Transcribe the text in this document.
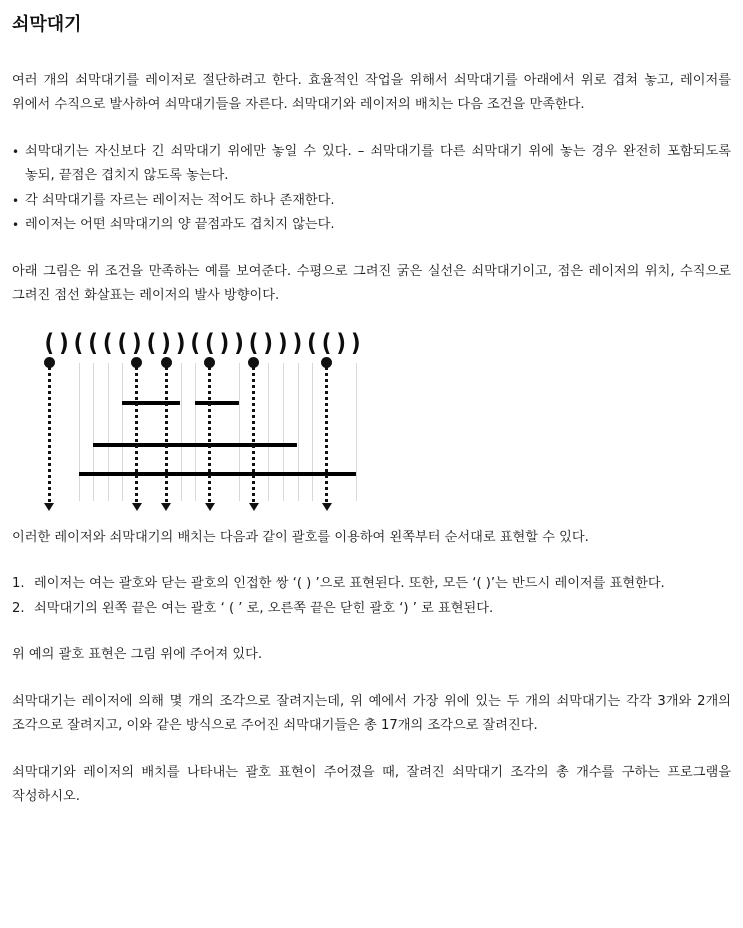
쇠막대기

여러 개의 쇠막대기를 레이저로 절단하려고 한다. 효율적인 작업을 위해서 쇠막대기를 아래에서 위로 겹쳐 놓고, 레이저를 위에서 수직으로 발사하여 쇠막대기들을 자른다. 쇠막대기와 레이저의 배치는 다음 조건을 만족한다.

• 쇠막대기는 자신보다 긴 쇠막대기 위에만 놓일 수 있다. – 쇠막대기를 다른 쇠막대기 위에 놓는 경우 완전히 포함되도록 놓되, 끝점은 겹치지 않도록 놓는다.
• 각 쇠막대기를 자르는 레이저는 적어도 하나 존재한다.
• 레이저는 어떤 쇠막대기의 양 끝점과도 겹치지 않는다.

아래 그림은 위 조건을 만족하는 예를 보여준다. 수평으로 그려진 굵은 실선은 쇠막대기이고, 점은 레이저의 위치, 수직으로 그려진 점선 화살표는 레이저의 발사 방향이다.

( ) ( ( ( ( ) ( ) ) ( ( ) ) ( ) ) ) ( ( ) )

이러한 레이저와 쇠막대기의 배치는 다음과 같이 괄호를 이용하여 왼쪽부터 순서대로 표현할 수 있다.

레이저는 여는 괄호와 닫는 괄호의 인접한 쌍 ‘( ) ’으로 표현된다. 또한, 모든 ‘( )’는 반드시 레이저를 표현한다.
쇠막대기의 왼쪽 끝은 여는 괄호 ‘ ( ’ 로, 오른쪽 끝은 닫힌 괄호 ‘) ’ 로 표현된다.

위 예의 괄호 표현은 그림 위에 주어져 있다.

쇠막대기는 레이저에 의해 몇 개의 조각으로 잘려지는데, 위 예에서 가장 위에 있는 두 개의 쇠막대기는 각각 3개와 2개의 조각으로 잘려지고, 이와 같은 방식으로 주어진 쇠막대기들은 총 17개의 조각으로 잘려진다.

쇠막대기와 레이저의 배치를 나타내는 괄호 표현이 주어졌을 때, 잘려진 쇠막대기 조각의 총 개수를 구하는 프로그램을 작성하시오.
